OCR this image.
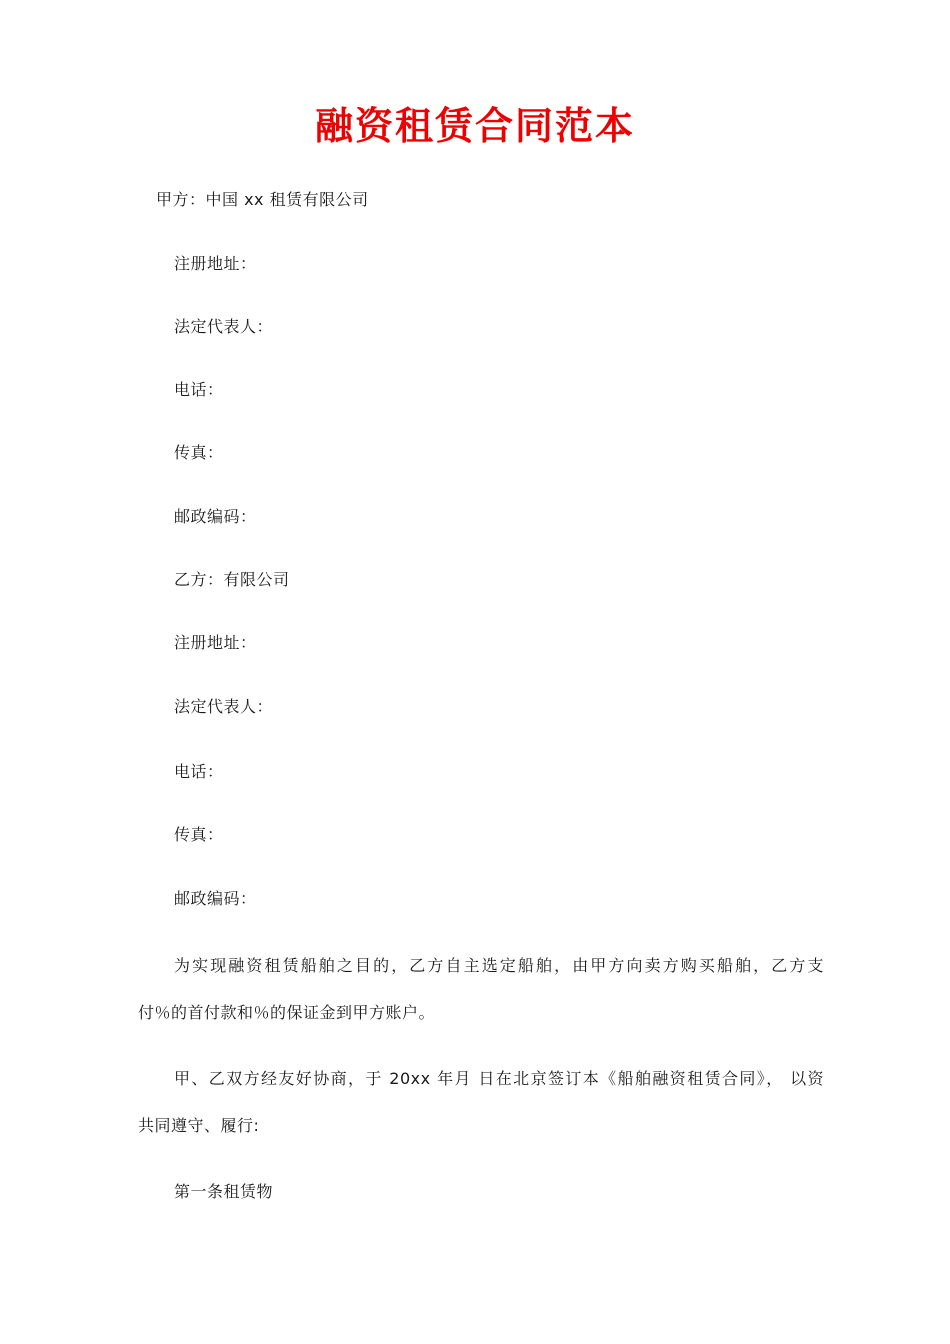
融资租赁合同范本
甲方：中国 xx 租赁有限公司
注册地址：
法定代表人：
电话：
传真：
邮政编码：
乙方：有限公司
注册地址：
法定代表人：
电话：
传真：
邮政编码：
为实现融资租赁船舶之目的，乙方自主选定船舶，由甲方向卖方购买船舶，乙方支
付％的首付款和％的保证金到甲方账户。
甲、乙双方经友好协商，于 20xx 年月 日在北京签订本《船舶融资租赁合同》， 以资
共同遵守、履行:
第一条租赁物
